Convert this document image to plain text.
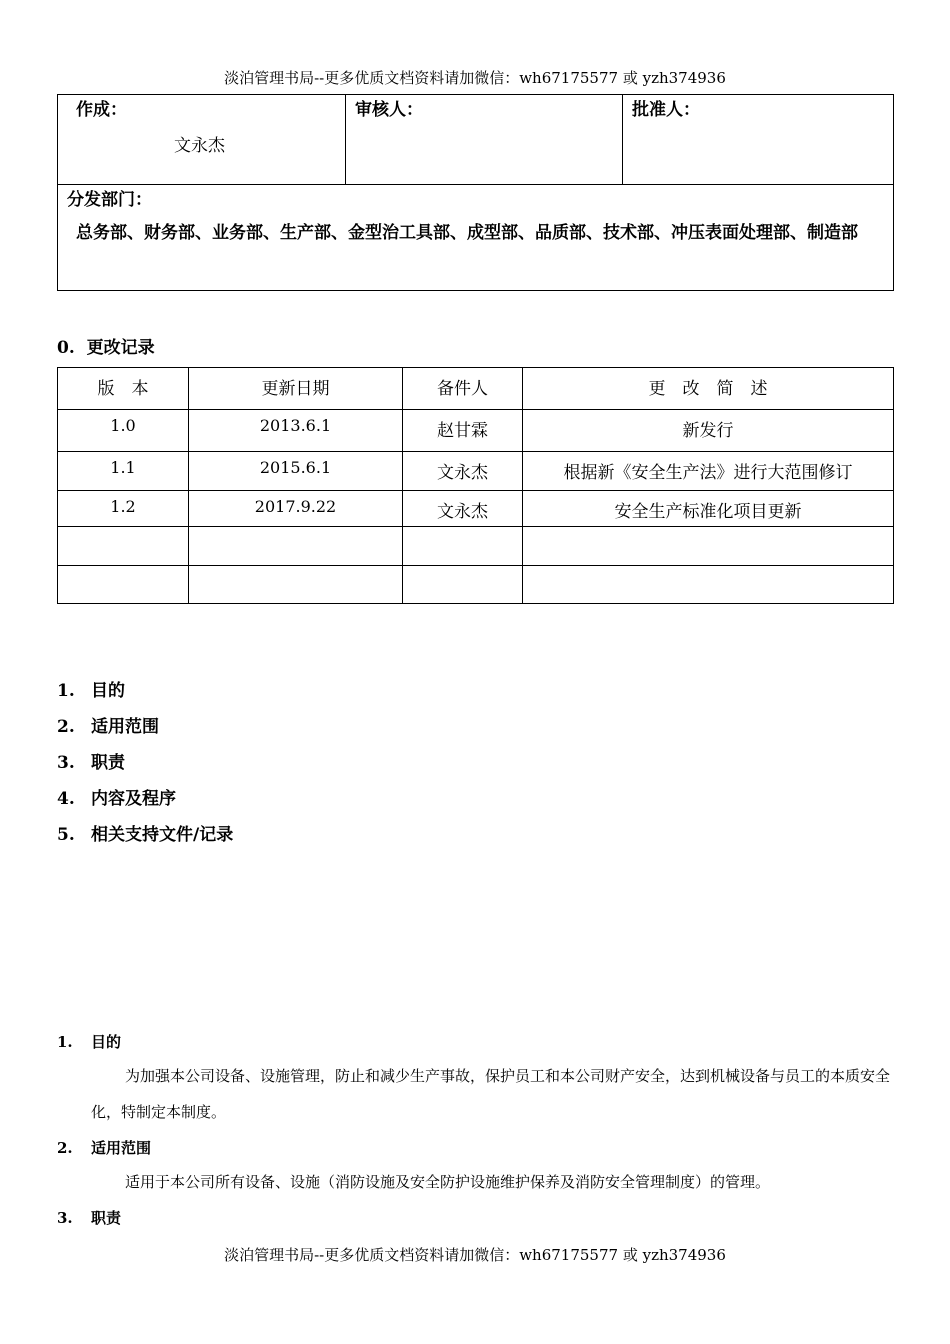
淡泊管理书局--更多优质文档资料请加微信：wh67175577 或 yzh374936
作成：
文永杰

审核人：	批准人：

分发部门：
总务部、财务部、业务部、生产部、金型治工具部、成型部、品质部、技术部、冲压表面处理部、制造部
0. 更改记录
版　本	更新日期	备件人	更　改　简　述
1.0	2013.6.1	赵甘霖	新发行
1.1	2015.6.1	文永杰	根据新《安全生产法》进行大范围修订
1.2	2017.9.22	文永杰	安全生产标准化项目更新

1. 目的
2. 适用范围
3. 职责
4. 内容及程序
5. 相关支持文件/记录
1. 目的

为加强本公司设备、设施管理，防止和减少生产事故，保护员工和本公司财产安全，达到机械设备与员工的本质安全化，特制定本制度。

2. 适用范围

适用于本公司所有设备、设施（消防设施及安全防护设施维护保养及消防安全管理制度）的管理。

3. 职责
淡泊管理书局--更多优质文档资料请加微信：wh67175577 或 yzh374936
